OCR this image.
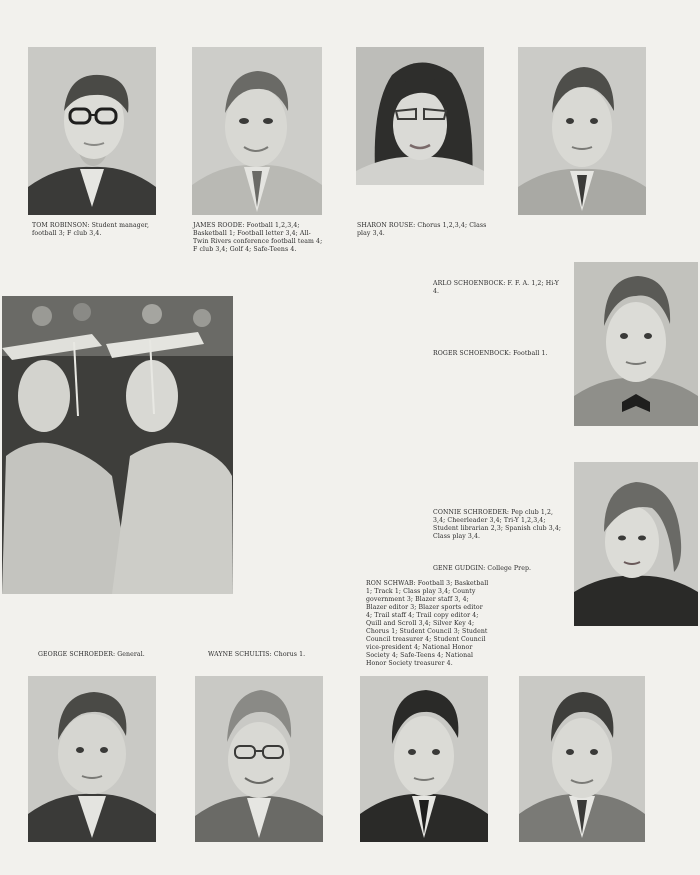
TOM ROBINSON: Student manager, football 3; F club 3,4.
JAMES ROODE: Football 1,2,3,4; Basketball 1; Football letter 3,4; All-Twin Rivers conference football team 4; F club 3,4; Golf 4; Safe-Teens 4.
SHARON ROUSE: Chorus 1,2,3,4; Class play 3,4.
ARLO SCHOENBOCK: F. F. A. 1,2; Hi-Y 4.
ROGER SCHOENBOCK: Football 1.
CONNIE SCHROEDER: Pep club 1,2, 3,4; Cheerleader 3,4; Tri-Y 1,2,3,4; Student librarian 2,3; Spanish club 3,4; Class play 3,4.
GENE GUDGIN: College Prep.
RON SCHWAB: Football 3; Basketball 1; Track 1; Class play 3,4; County government 3; Blazer staff 3, 4; Blazer editor 3; Blazer sports editor 4; Trail staff 4; Trail copy editor 4; Quill and Scroll 3,4; Silver Key 4; Chorus 1; Student Council 3; Student Council treasurer 4; Student Council vice-president 4; National Honor Society 4; Safe-Teens 4; National Honor Society treasurer 4.
GEORGE SCHROEDER: General.	WAYNE SCHULTIS: Chorus 1.
